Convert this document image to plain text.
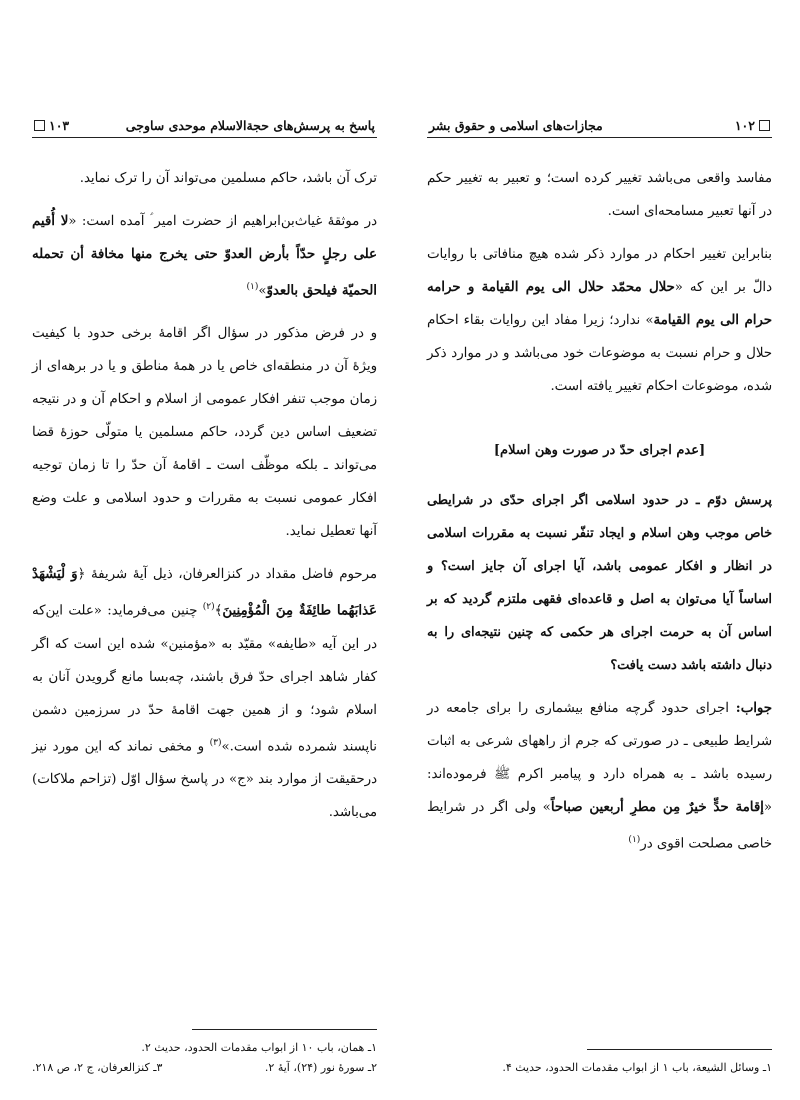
۱۰۲
مجازات‌های اسلامی و حقوق بشر

مفاسد واقعی می‌باشد تغییر کرده است؛ و تعبیر به تغییر حکم در آنها تعبیر مسامحه‌ای است.

بنابراین تغییر احکام در موارد ذکر شده هیچ منافاتی با روایات دالّ بر این که «حلال محمّد حلال الی یوم القیامة و حرامه حرام الی یوم القیامة» ندارد؛ زیرا مفاد این روایات بقاء احکام حلال و حرام نسبت به موضوعات خود می‌باشد و در موارد ذکر شده، موضوعات احکام تغییر یافته است.

[عدم اجرای حدّ در صورت وهن اسلام]

پرسش دوّم ـ در حدود اسلامی اگر اجرای حدّی در شرایطی خاص موجب وهن اسلام و ایجاد تنفّر نسبت به مقررات اسلامی در انظار و افکار عمومی باشد، آیا اجرای آن جایز است؟ و اساساً آیا می‌توان به اصل و قاعده‌ای فقهی ملتزم گردید که بر اساس آن به حرمت اجرای هر حکمی که چنین نتیجه‌ای را به دنبال داشته باشد دست یافت؟

جواب: اجرای حدود گرچه منافع بیشماری را برای جامعه در شرایط طبیعی ـ در صورتی که جرم از راههای شرعی به اثبات رسیده باشد ـ به همراه دارد و پیامبر اکرم ﷺ فرموده‌اند: «إقامة حدٍّ خيرٌ مِن مطرِ أربعين صباحاً» ولی اگر در شرایط خاصی مصلحت اقوی در$^{(۱)}$

۱ـ وسائل الشیعة، باب ۱ از ابواب مقدمات الحدود، حدیث ۴.

پاسخ به پرسش‌های حجةالاسلام موحدی ساوجی
۱۰۳

ترک آن باشد، حاکم مسلمین می‌تواند آن را ترک نماید.

در موثقهٔ غیاث‌بن‌ابراهیم از حضرت امیر ؑ آمده است: «لا أُقيم على رجلٍ حدّاً بأرض العدوّ حتى يخرج منها مخافة أن تحمله الحميّة فيلحق بالعدوّ»$^{(۱)}$

و در فرض مذکور در سؤال اگر اقامهٔ برخی حدود با کیفیت ویژهٔ آن در منطقه‌ای خاص یا در همهٔ مناطق و یا در برهه‌ای از زمان موجب تنفر افکار عمومی از اسلام و احکام آن و در نتیجه تضعیف اساس دین گردد، حاکم مسلمین یا متولّی حوزهٔ قضا می‌تواند ـ بلکه موظّف است ـ اقامهٔ آن حدّ را تا زمان توجیه افکار عمومی نسبت به مقررات و حدود اسلامی و علت وضع آنها تعطیل نماید.

مرحوم فاضل مقداد در کنزالعرفان، ذیل آیهٔ شریفهٔ ﴿وَ لْيَشْهَدْ عَذابَهُما طائِفَةٌ مِنَ الْمُؤْمِنِينَ﴾$^{(۲)}$ چنین می‌فرماید: «علت این‌که در این آیه «طایفه» مقیّد به «مؤمنین» شده این است که اگر کفار شاهد اجرای حدّ فرق باشند، چه‌بسا مانع گرویدن آنان به اسلام شود؛ و از همین جهت اقامهٔ حدّ در سرزمین دشمن ناپسند شمرده شده است.»$^{(۳)}$ و مخفی نماند که این مورد نیز درحقیقت از موارد بند «ج» در پاسخ سؤال اوّل (تزاحم ملاکات) می‌باشد.

۱ـ همان، باب ۱۰ از ابواب مقدمات الحدود، حدیث ۲.

۲ـ سورهٔ نور (۲۴)، آیهٔ ۲.
۳ـ کنزالعرفان، ج ۲، ص ۲۱۸.
